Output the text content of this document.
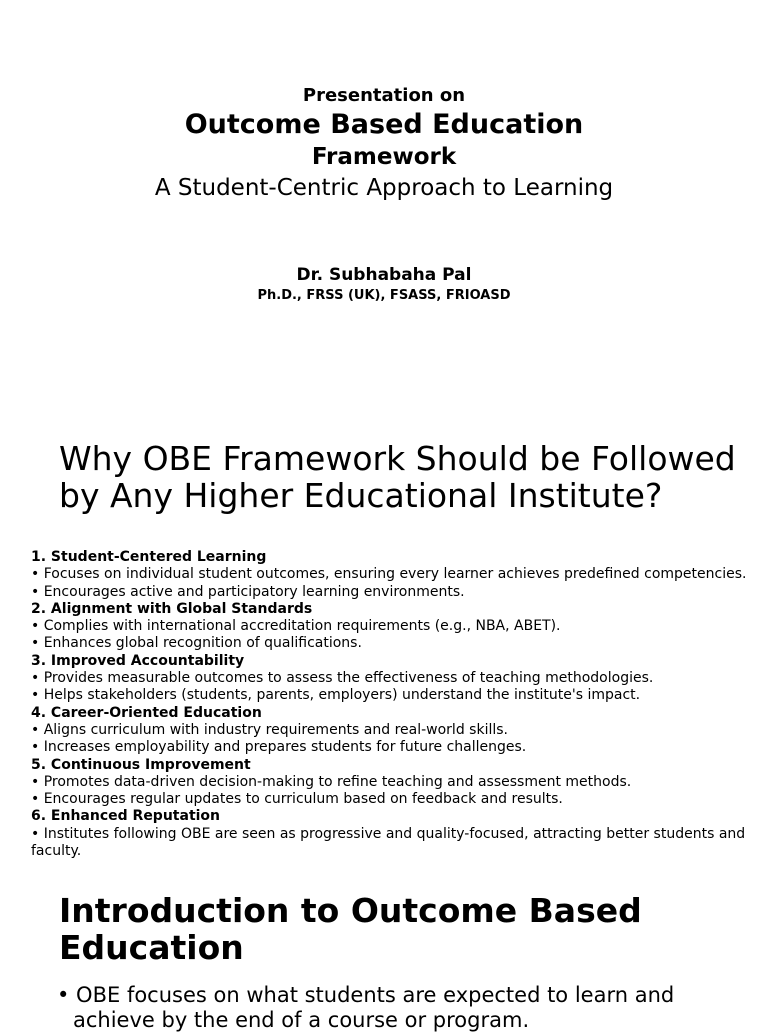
Presentation on

Outcome Based Education
Framework

A Student-Centric Approach to Learning

Dr. Subhabaha Pal

Ph.D., FRSS (UK), FSASS, FRIOASD

Why OBE Framework Should be Followed by Any Higher Educational Institute?
1. Student-Centered Learning
• Focuses on individual student outcomes, ensuring every learner achieves predefined competencies.
• Encourages active and participatory learning environments.
2. Alignment with Global Standards
• Complies with international accreditation requirements (e.g., NBA, ABET).
• Enhances global recognition of qualifications.
3. Improved Accountability
• Provides measurable outcomes to assess the effectiveness of teaching methodologies.
• Helps stakeholders (students, parents, employers) understand the institute's impact.
4. Career-Oriented Education
• Aligns curriculum with industry requirements and real-world skills.
• Increases employability and prepares students for future challenges.
5. Continuous Improvement
• Promotes data-driven decision-making to refine teaching and assessment methods.
• Encourages regular updates to curriculum based on feedback and results.
6. Enhanced Reputation
• Institutes following OBE are seen as progressive and quality-focused, attracting better students and faculty.
Introduction to Outcome Based Education
• OBE focuses on what students are expected to learn and achieve by the end of a course or program.
